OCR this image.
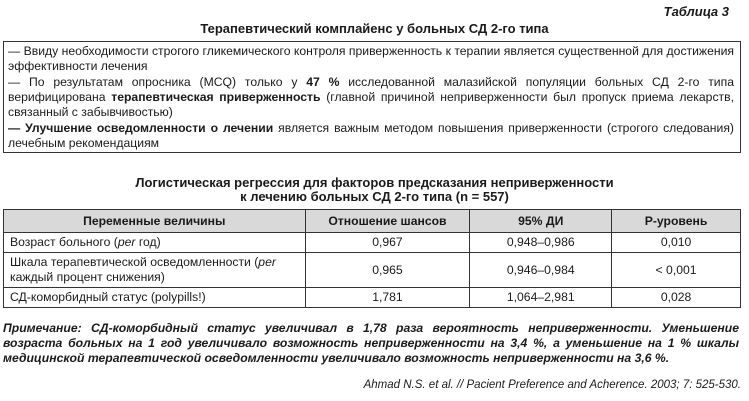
Таблица 3
Терапевтический комплайенс у больных СД 2-го типа

— Ввиду необходимости строгого гликемического контроля приверженность к терапии является существенной для достижения эффективности лечения

— По результатам опросника (MCQ) только у 47 % исследованной малазийской популяции больных СД 2-го типа верифицирована терапевтическая приверженность (главной причиной неприверженности был пропуск приема лекарств, связанный с забывчивостью)

— Улучшение осведомленности о лечении является важным методом повышения приверженности (строгого следования) лечебным рекомендациям

Логистическая регрессия для факторов предсказания неприверженности
к лечению больных СД 2-го типа (n = 557)
Переменные величины	Отношение шансов	95% ДИ	Р-уровень
Возраст больного (per год)	0,967	0,948–0,986	0,010
Шкала терапевтической осведомленности (per каждый процент снижения)	0,965	0,946–0,984	< 0,001
СД-коморбидный статус (polypills!)	1,781	1,064–2,981	0,028
Примечание: СД-коморбидный статус увеличивал в 1,78 раза вероятность неприверженности. Уменьшение возраста больных на 1 год увеличивало возможность неприверженности на 3,4 %, а уменьшение на 1 % шкалы медицинской терапевтической осведомленности увеличивало возможность неприверженности на 3,6 %.
Ahmad N.S. et al. // Pacient Preference and Acherence. 2003; 7: 525-530.
